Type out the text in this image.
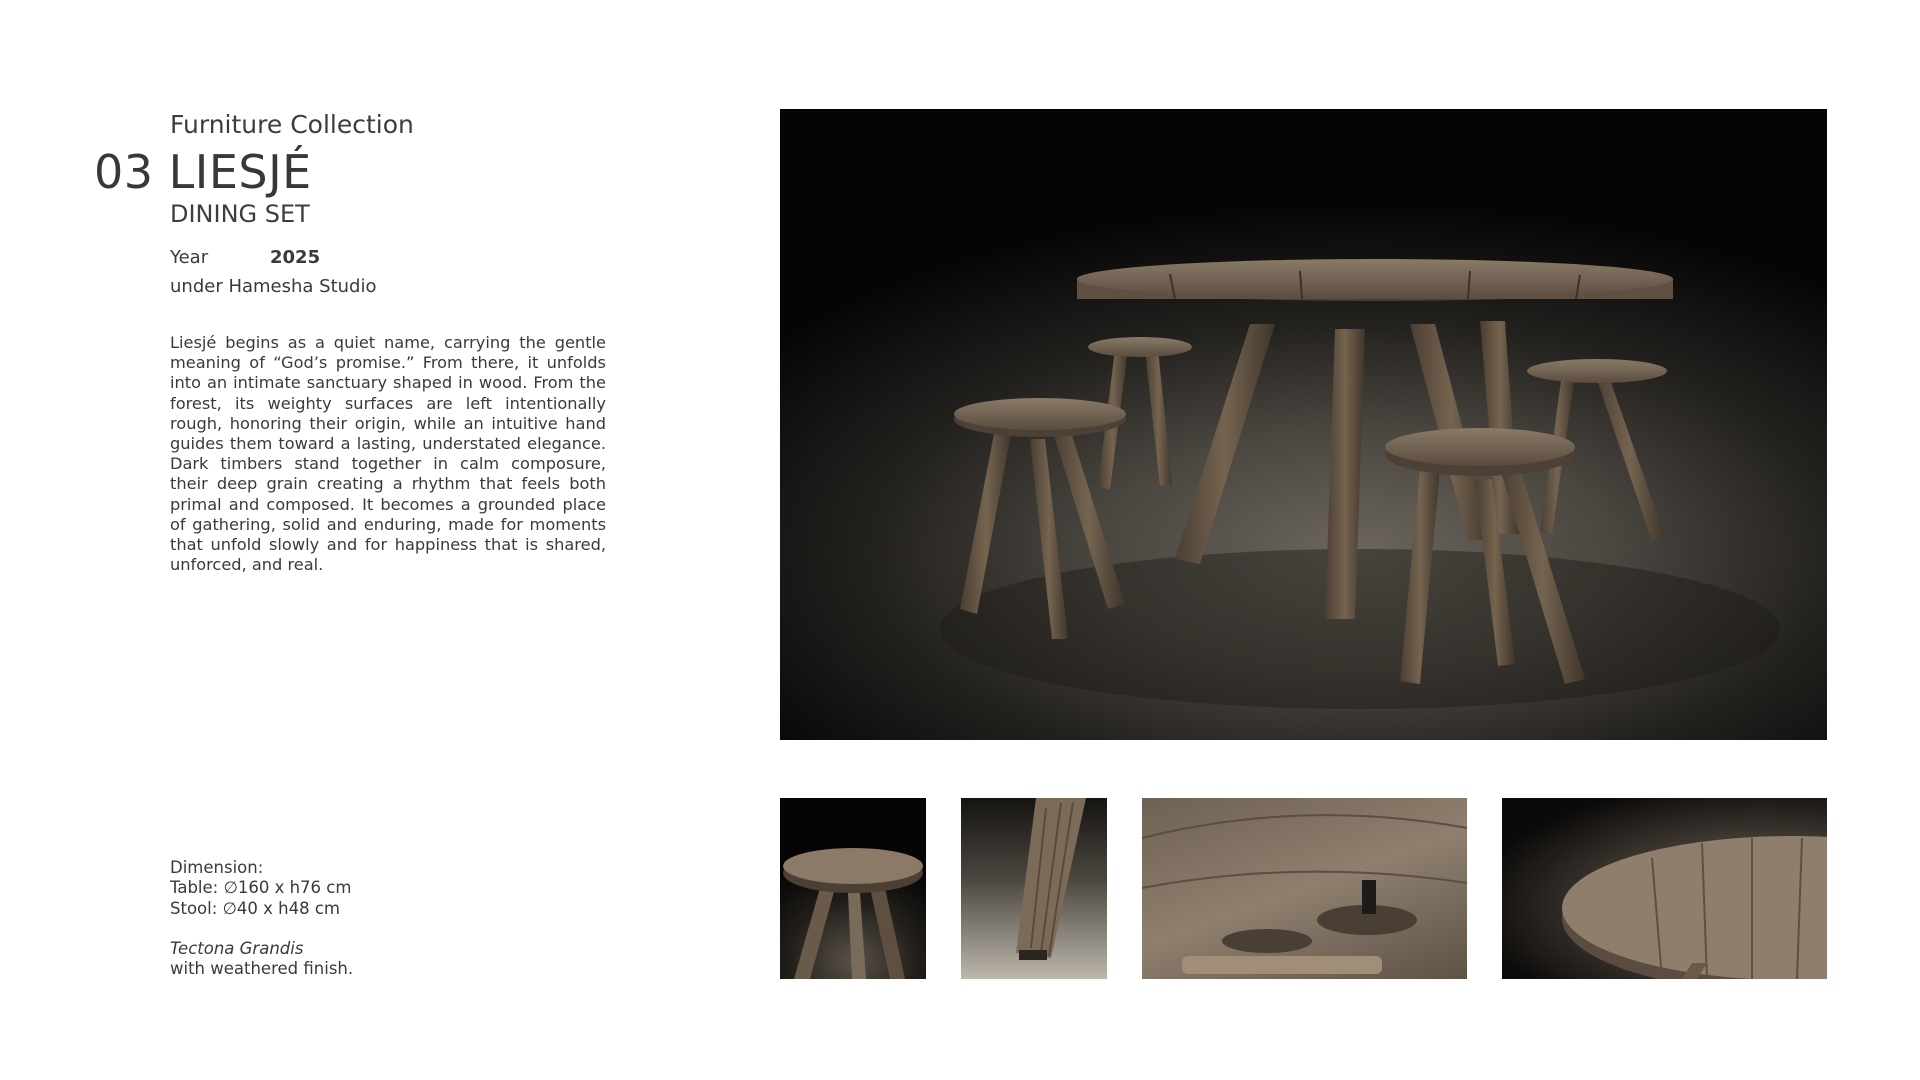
Furniture Collection
03 LIESJÉ
DINING SET
Year	2025
under Hamesha Studio

Liesjé begins as a quiet name, carrying the gentle meaning of “God’s promise.” From there, it unfolds into an intimate sanctuary shaped in wood. From the forest, its weighty surfaces are left intentionally rough, honoring their origin, while an intuitive hand guides them toward a lasting, understated elegance. Dark timbers stand together in calm composure, their deep grain creating a rhythm that feels both primal and composed. It becomes a grounded place of gathering, solid and enduring, made for moments that unfold slowly and for happiness that is shared, unforced, and real.

Dimension:
Table: ∅160 x h76 cm
Stool: ∅40 x h48 cm
Tectona Grandis
with weathered finish.
